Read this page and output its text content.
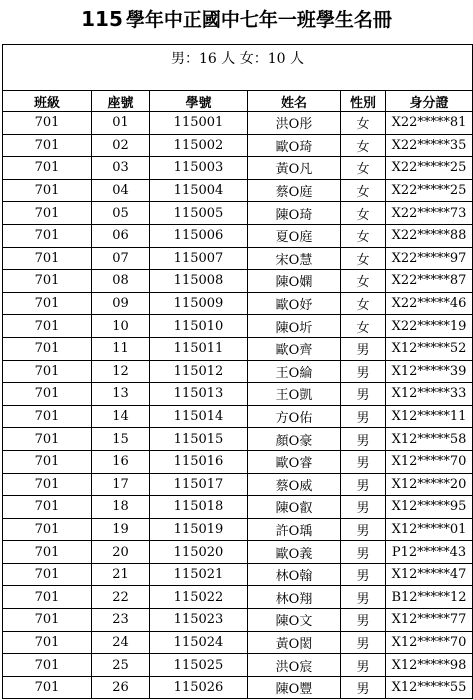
115 學年中正國中七年一班學生名冊
男：16 人 女：10 人					
班級	座號	學號	姓名	性別	身分證
701	01	115001	洪O彤	女	X22*****81
701	02	115002	歐O琦	女	X22*****35
701	03	115003	黃O凡	女	X22*****25
701	04	115004	蔡O庭	女	X22*****25
701	05	115005	陳O琦	女	X22*****73
701	06	115006	夏O庭	女	X22*****88
701	07	115007	宋O慧	女	X22*****97
701	08	115008	陳O嫻	女	X22*****87
701	09	115009	歐O妤	女	X22*****46
701	10	115010	陳O圻	女	X22*****19
701	11	115011	歐O齊	男	X12*****52
701	12	115012	王O綸	男	X12*****39
701	13	115013	王O凱	男	X12*****33
701	14	115014	方O佑	男	X12*****11
701	15	115015	顏O豪	男	X12*****58
701	16	115016	歐O睿	男	X12*****70
701	17	115017	蔡O威	男	X12*****20
701	18	115018	陳O叡	男	X12*****95
701	19	115019	許O瑀	男	X12*****01
701	20	115020	歐O義	男	P12*****43
701	21	115021	林O翰	男	X12*****47
701	22	115022	林O翔	男	B12*****12
701	23	115023	陳O文	男	X12*****77
701	24	115024	黃O閎	男	X12*****70
701	25	115025	洪O宸	男	X12*****98
701	26	115026	陳O豐	男	X12*****55
